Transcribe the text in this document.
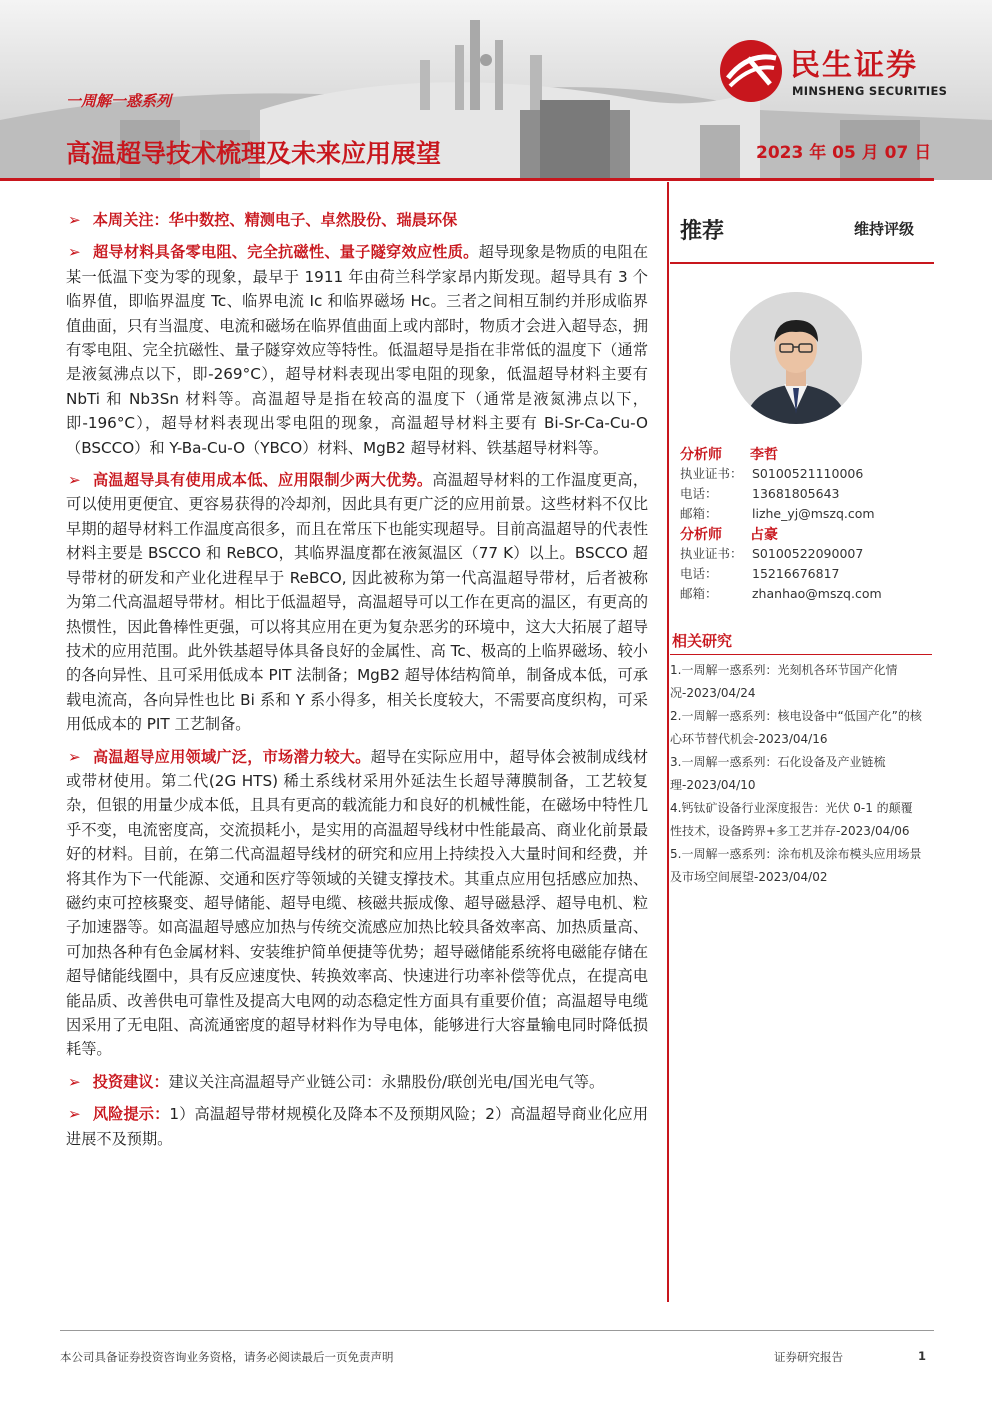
一周解一惑系列
高温超导技术梳理及未来应用展望	2023 年 05 月 07 日
民生证券
MINSHENG SECURITIES

➢ 本周关注：华中数控、精测电子、卓然股份、瑞晨环保

➢ 超导材料具备零电阻、完全抗磁性、量子隧穿效应性质。超导现象是物质的电阻在某一低温下变为零的现象，最早于 1911 年由荷兰科学家昂内斯发现。超导具有 3 个临界值，即临界温度 Tc、临界电流 Ic 和临界磁场 Hc。三者之间相互制约并形成临界值曲面，只有当温度、电流和磁场在临界值曲面上或内部时，物质才会进入超导态，拥有零电阻、完全抗磁性、量子隧穿效应等特性。低温超导是指在非常低的温度下（通常是液氦沸点以下，即-269°C），超导材料表现出零电阻的现象，低温超导材料主要有 NbTi 和 Nb3Sn 材料等。高温超导是指在较高的温度下（通常是液氮沸点以下，即-196°C），超导材料表现出零电阻的现象，高温超导材料主要有 Bi-Sr-Ca-Cu-O（BSCCO）和 Y-Ba-Cu-O（YBCO）材料、MgB2 超导材料、铁基超导材料等。

➢ 高温超导具有使用成本低、应用限制少两大优势。高温超导材料的工作温度更高，可以使用更便宜、更容易获得的冷却剂，因此具有更广泛的应用前景。这些材料不仅比早期的超导材料工作温度高很多，而且在常压下也能实现超导。目前高温超导的代表性材料主要是 BSCCO 和 ReBCO，其临界温度都在液氮温区（77 K）以上。BSCCO 超导带材的研发和产业化进程早于 ReBCO, 因此被称为第一代高温超导带材，后者被称为第二代高温超导带材。相比于低温超导，高温超导可以工作在更高的温区，有更高的热惯性，因此鲁棒性更强，可以将其应用在更为复杂恶劣的环境中，这大大拓展了超导技术的应用范围。此外铁基超导体具备良好的金属性、高 Tc、极高的上临界磁场、较小的各向异性、且可采用低成本 PIT 法制备；MgB2 超导体结构简单，制备成本低，可承载电流高，各向异性也比 Bi 系和 Y 系小得多，相关长度较大，不需要高度织构，可采用低成本的 PIT 工艺制备。

➢ 高温超导应用领域广泛，市场潜力较大。超导在实际应用中，超导体会被制成线材或带材使用。第二代(2G HTS) 稀土系线材采用外延法生长超导薄膜制备，工艺较复杂，但银的用量少成本低，且具有更高的载流能力和良好的机械性能，在磁场中特性几乎不变，电流密度高，交流损耗小，是实用的高温超导线材中性能最高、商业化前景最好的材料。目前，在第二代高温超导线材的研究和应用上持续投入大量时间和经费，并将其作为下一代能源、交通和医疗等领域的关键支撑技术。其重点应用包括感应加热、磁约束可控核聚变、超导储能、超导电缆、核磁共振成像、超导磁悬浮、超导电机、粒子加速器等。如高温超导感应加热与传统交流感应加热比较具备效率高、加热质量高、可加热各种有色金属材料、安装维护简单便捷等优势；超导磁储能系统将电磁能存储在超导储能线圈中，具有反应速度快、转换效率高、快速进行功率补偿等优点，在提高电能品质、改善供电可靠性及提高大电网的动态稳定性方面具有重要价值；高温超导电缆因采用了无电阻、高流通密度的超导材料作为导电体，能够进行大容量输电同时降低损耗等。

➢ 投资建议：建议关注高温超导产业链公司：永鼎股份/联创光电/国光电气等。

➢ 风险提示：1）高温超导带材规模化及降本不及预期风险；2）高温超导商业化应用进展不及预期。

推荐	维持评级
分析师 李哲
执业证书： S0100521110006
电话：	13681805643
邮箱：	lizhe_yj@mszq.com
分析师 占豪
执业证书： S0100522090007
电话：	15216676817
邮箱：	zhanhao@mszq.com
相关研究
1.一周解一惑系列：光刻机各环节国产化情况-2023/04/24
2.一周解一惑系列：核电设备中“低国产化”的核心环节替代机会-2023/04/16
3.一周解一惑系列：石化设备及产业链梳理-2023/04/10
4.钙钛矿设备行业深度报告：光伏 0-1 的颠覆性技术，设备跨界+多工艺并存-2023/04/06
5.一周解一惑系列：涂布机及涂布模头应用场景及市场空间展望-2023/04/02
本公司具备证券投资咨询业务资格，请务必阅读最后一页免责声明	证券研究报告	1
